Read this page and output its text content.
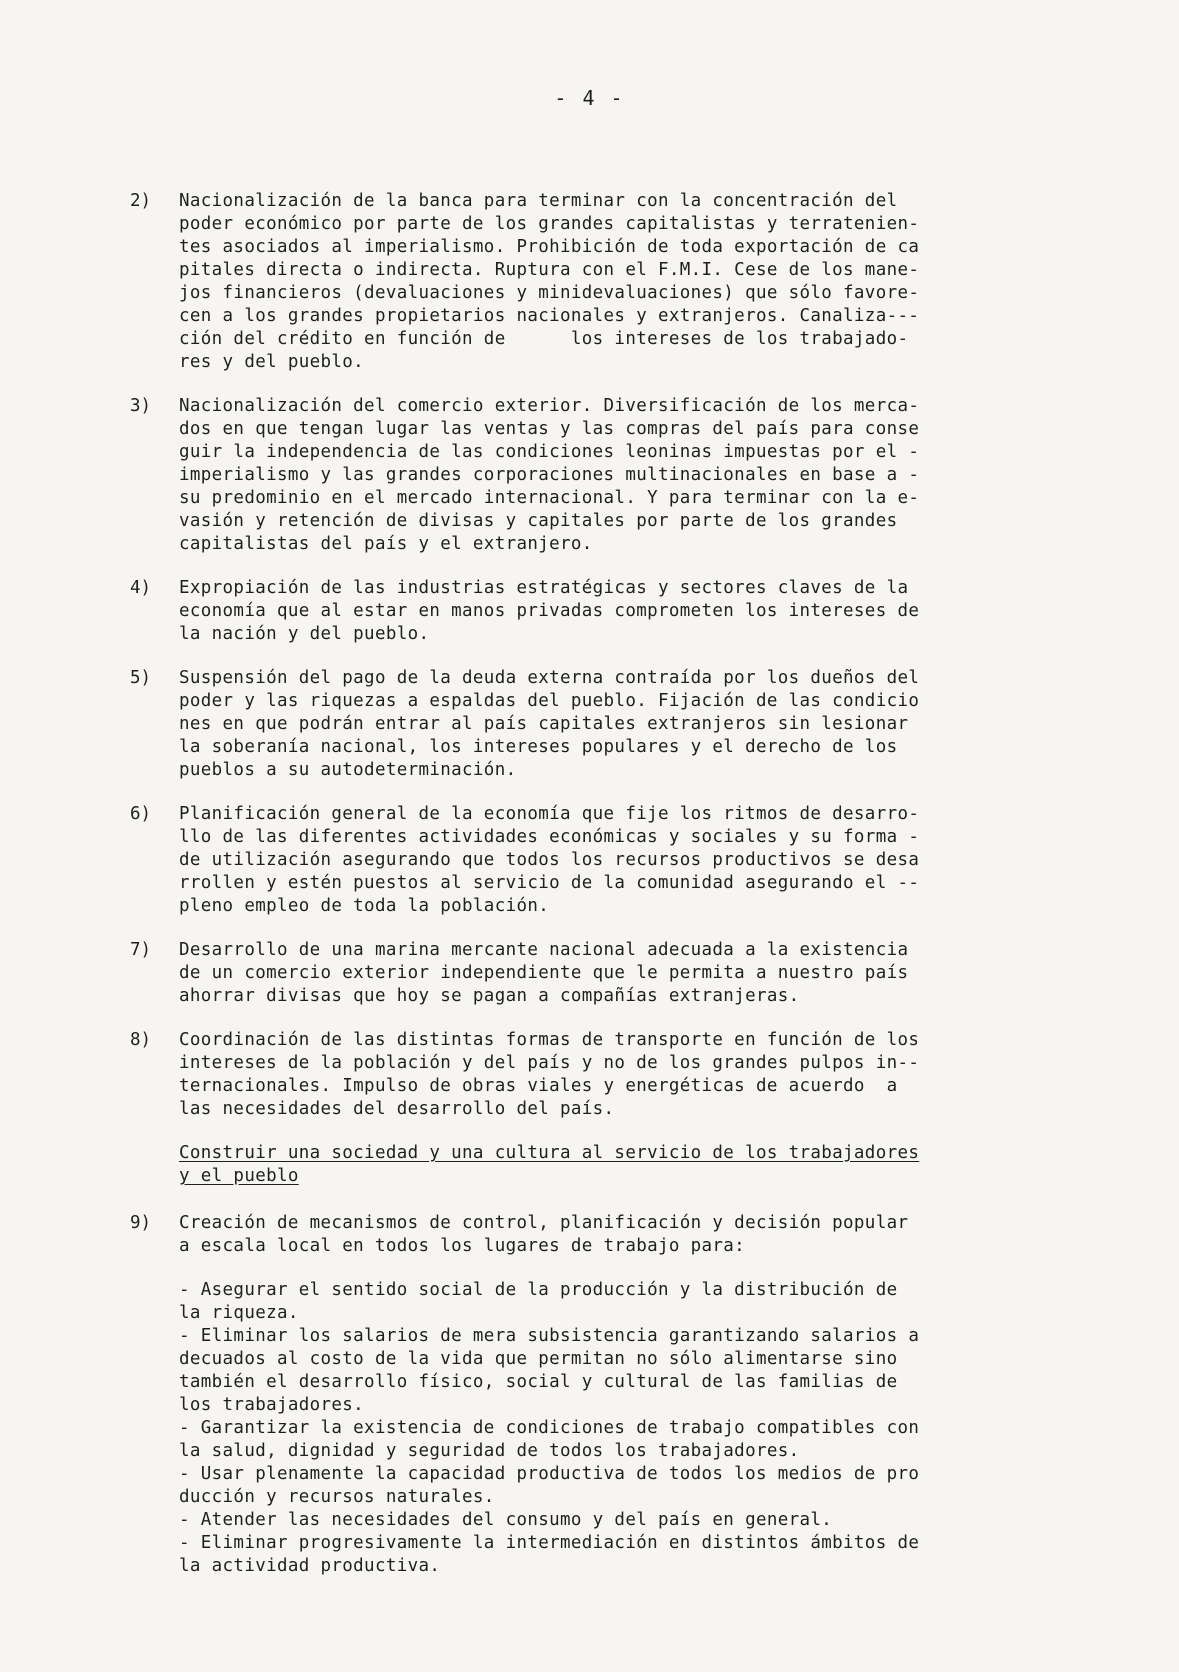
- 4 -
2)	Nacionalización de la banca para terminar con la concentración del
poder económico por parte de los grandes capitalistas y terratenien-
tes asociados al imperialismo. Prohibición de toda exportación de ca
pitales directa o indirecta. Ruptura con el F.M.I. Cese de los mane-
jos financieros (devaluaciones y minidevaluaciones) que sólo favore-
cen a los grandes propietarios nacionales y extranjeros. Canaliza---
ción del crédito en función de      los intereses de los trabajado-
res y del pueblo.
3)	Nacionalización del comercio exterior. Diversificación de los merca-
dos en que tengan lugar las ventas y las compras del país para conse
guir la independencia de las condiciones leoninas impuestas por el -
imperialismo y las grandes corporaciones multinacionales en base a -
su predominio en el mercado internacional. Y para terminar con la e-
vasión y retención de divisas y capitales por parte de los grandes
capitalistas del país y el extranjero.
4)	Expropiación de las industrias estratégicas y sectores claves de la
economía que al estar en manos privadas comprometen los intereses de
la nación y del pueblo.
5)	Suspensión del pago de la deuda externa contraída por los dueños del
poder y las riquezas a espaldas del pueblo. Fijación de las condicio
nes en que podrán entrar al país capitales extranjeros sin lesionar
la soberanía nacional, los intereses populares y el derecho de los
pueblos a su autodeterminación.
6)	Planificación general de la economía que fije los ritmos de desarro-
llo de las diferentes actividades económicas y sociales y su forma -
de utilización asegurando que todos los recursos productivos se desa
rrollen y estén puestos al servicio de la comunidad asegurando el --
pleno empleo de toda la población.
7)	Desarrollo de una marina mercante nacional adecuada a la existencia
de un comercio exterior independiente que le permita a nuestro país
ahorrar divisas que hoy se pagan a compañías extranjeras.
8)	Coordinación de las distintas formas de transporte en función de los
intereses de la población y del país y no de los grandes pulpos in--
ternacionales. Impulso de obras viales y energéticas de acuerdo  a
las necesidades del desarrollo del país.
Construir una sociedad y una cultura al servicio de los trabajadores
y el pueblo
9)	Creación de mecanismos de control, planificación y decisión popular
a escala local en todos los lugares de trabajo para:
- Asegurar el sentido social de la producción y la distribución de
la riqueza.
- Eliminar los salarios de mera subsistencia garantizando salarios a
decuados al costo de la vida que permitan no sólo alimentarse sino
también el desarrollo físico, social y cultural de las familias de
los trabajadores.
- Garantizar la existencia de condiciones de trabajo compatibles con
la salud, dignidad y seguridad de todos los trabajadores.
- Usar plenamente la capacidad productiva de todos los medios de pro
ducción y recursos naturales.
- Atender las necesidades del consumo y del país en general.
- Eliminar progresivamente la intermediación en distintos ámbitos de
la actividad productiva.
